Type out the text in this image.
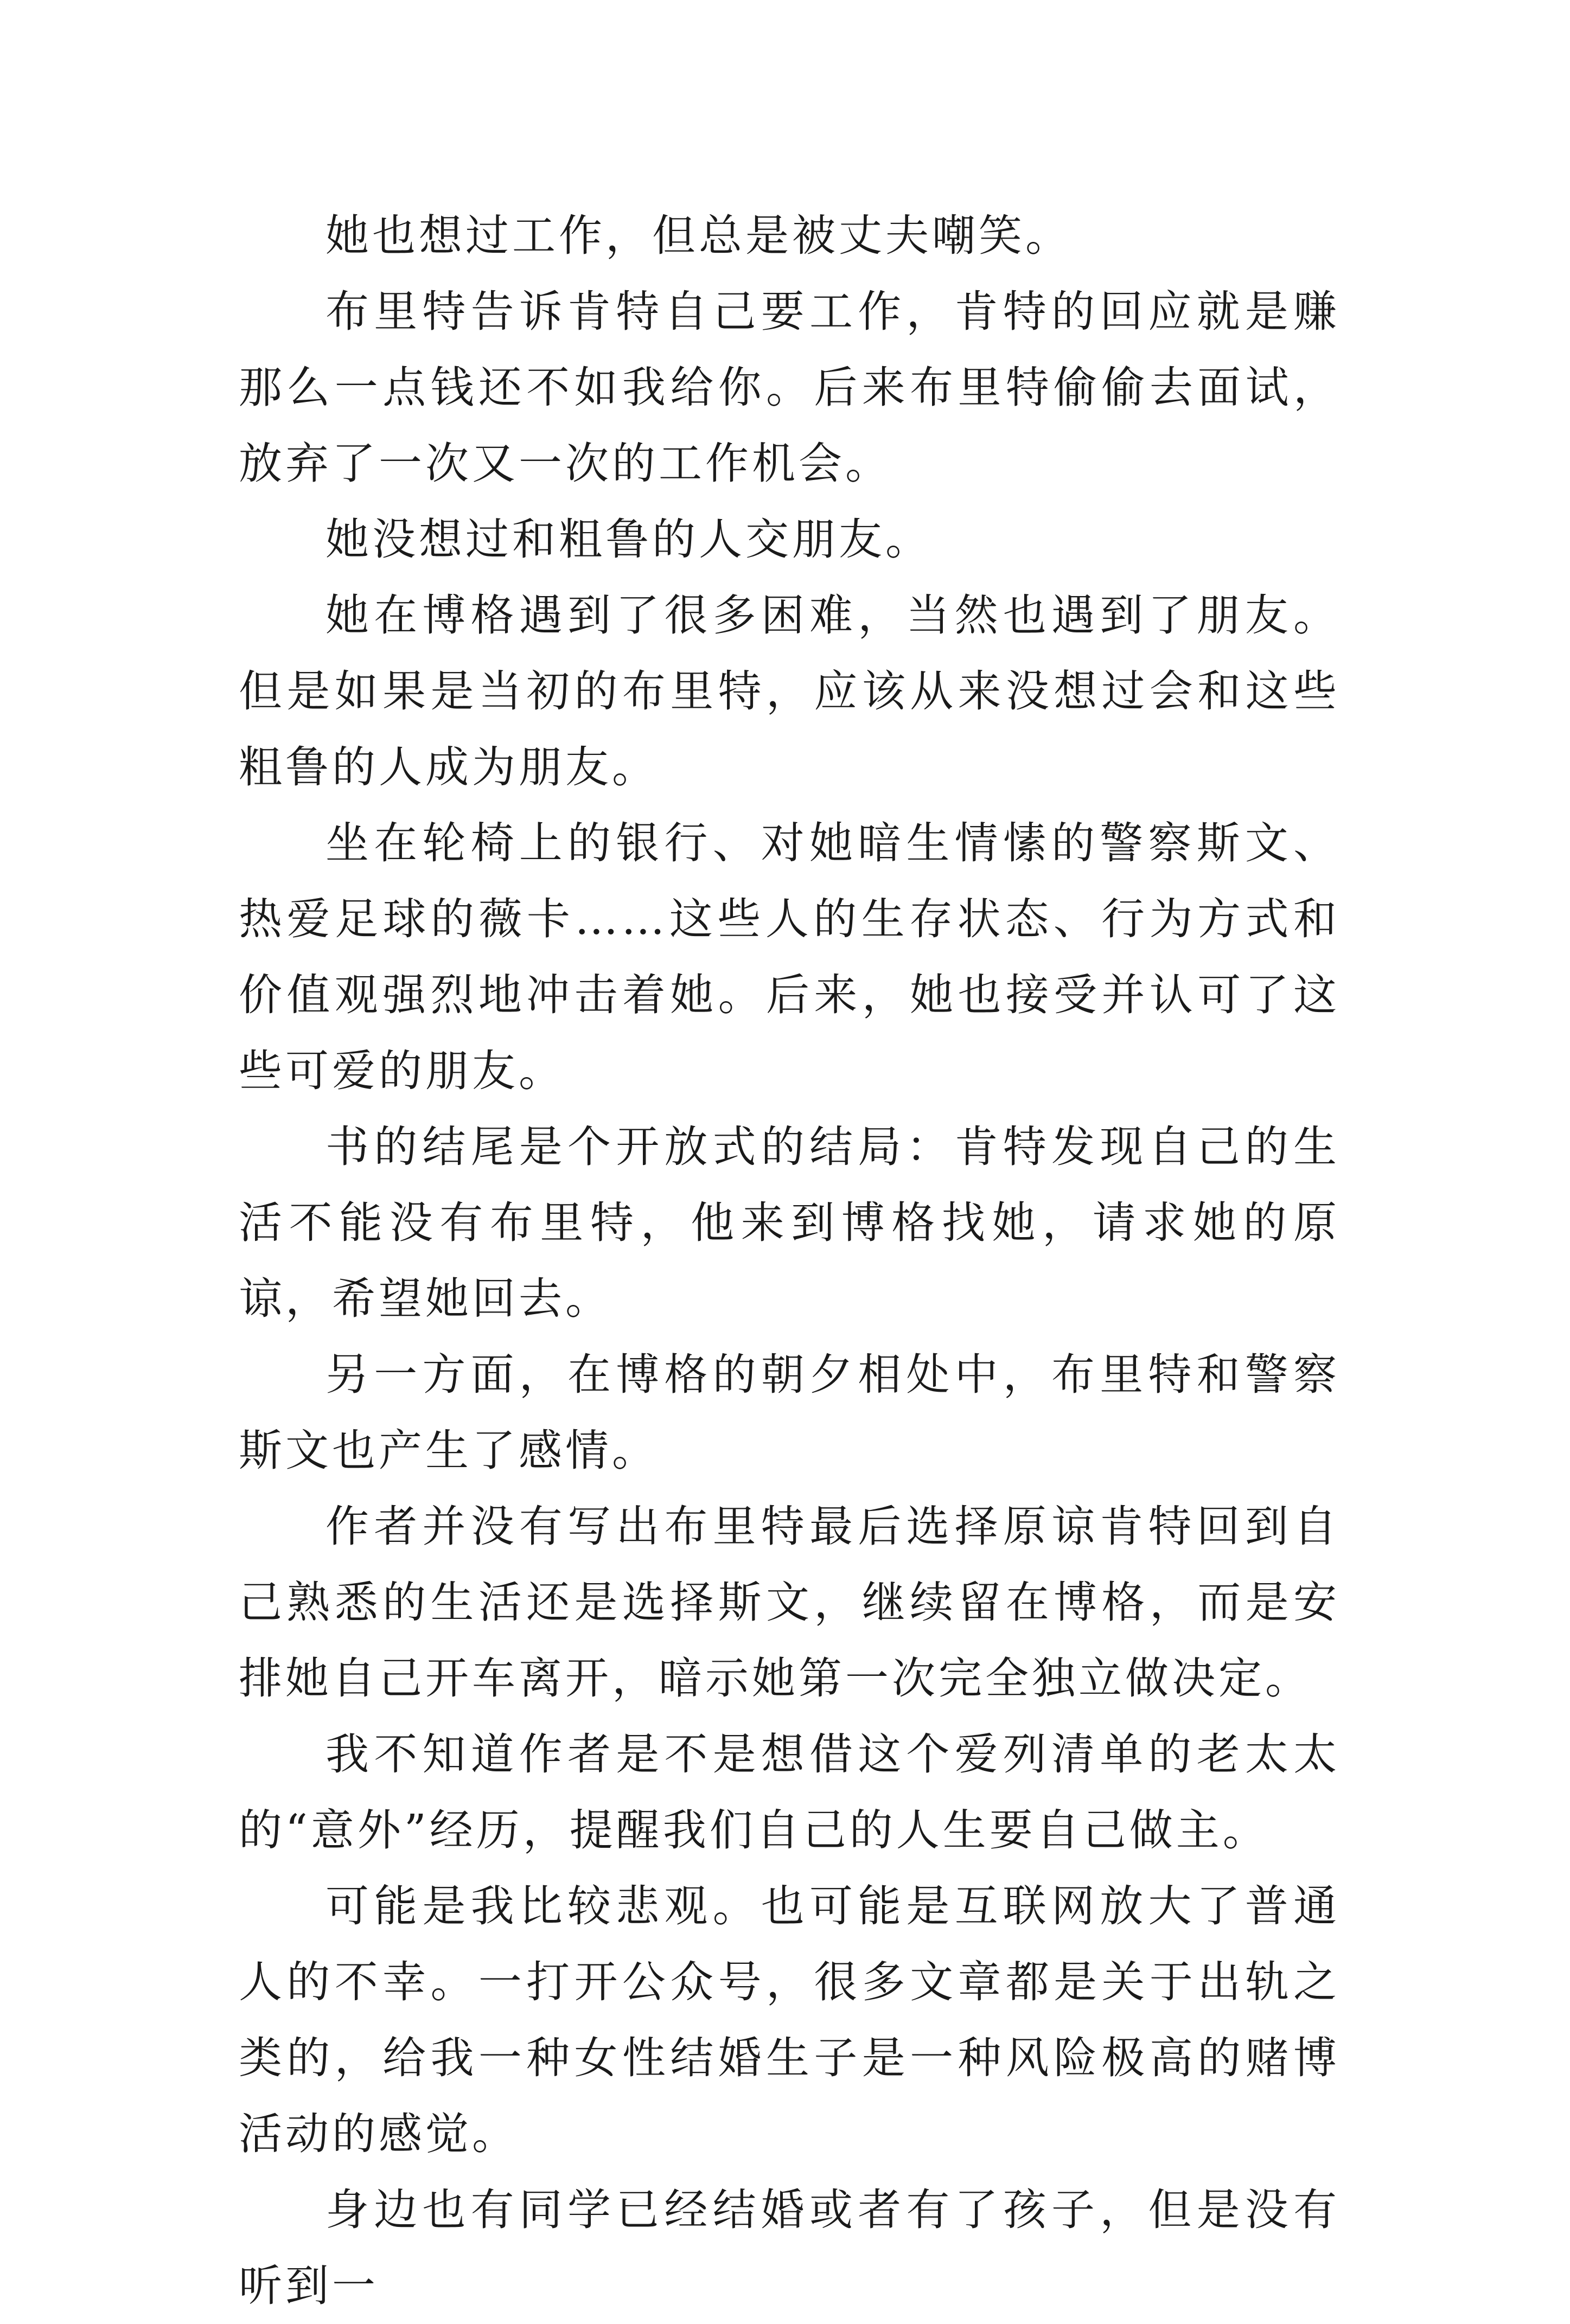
她也想过工作，但总是被丈夫嘲笑。

布里特告诉肯特自己要工作，肯特的回应就是赚那么一点钱还不如我给你。后来布里特偷偷去面试，放弃了一次又一次的工作机会。

她没想过和粗鲁的人交朋友。

她在博格遇到了很多困难，当然也遇到了朋友。但是如果是当初的布里特，应该从来没想过会和这些粗鲁的人成为朋友。

坐在轮椅上的银行、对她暗生情愫的警察斯文、热爱足球的薇卡……这些人的生存状态、行为方式和价值观强烈地冲击着她。后来，她也接受并认可了这些可爱的朋友。

书的结尾是个开放式的结局：肯特发现自己的生活不能没有布里特，他来到博格找她，请求她的原谅，希望她回去。

另一方面，在博格的朝夕相处中，布里特和警察斯文也产生了感情。

作者并没有写出布里特最后选择原谅肯特回到自己熟悉的生活还是选择斯文，继续留在博格，而是安排她自己开车离开，暗示她第一次完全独立做决定。

我不知道作者是不是想借这个爱列清单的老太太的“意外”经历，提醒我们自己的人生要自己做主。

可能是我比较悲观。也可能是互联网放大了普通人的不幸。一打开公众号，很多文章都是关于出轨之类的，给我一种女性结婚生子是一种风险极高的赌博活动的感觉。

身边也有同学已经结婚或者有了孩子，但是没有听到一
